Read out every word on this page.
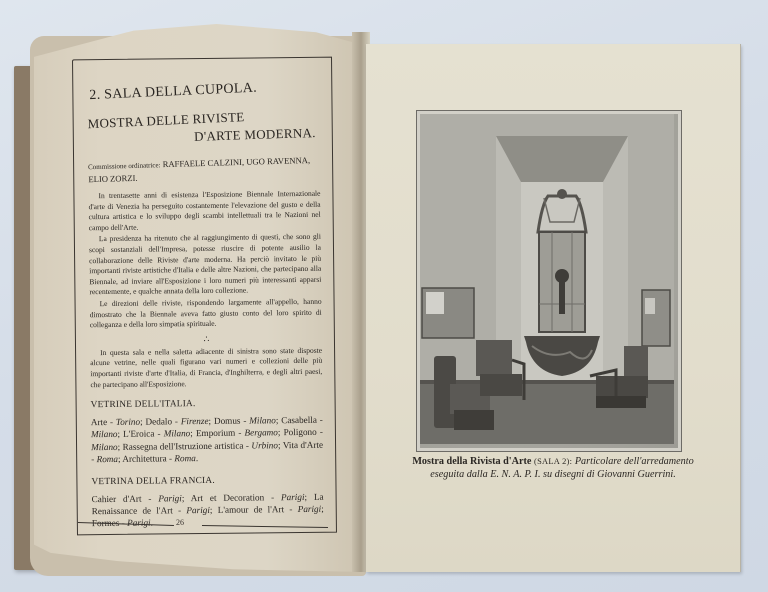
2. SALA DELLA CUPOLA.
MOSTRA DELLE RIVISTE
D'ARTE MODERNA.
Commissione ordinatrice: RAFFAELE CALZINI, UGO RAVENNA,
ELIO ZORZI.

In trentasette anni di esistenza l'Esposizione Biennale Internazionale d'arte di Venezia ha perseguito costantemente l'elevazione del gusto e della cultura artistica e lo sviluppo degli scambi intellettuali tra le Nazioni nel campo dell'Arte.

La presidenza ha ritenuto che al raggiungimento di questi, che sono gli scopi sostanziali dell'Impresa, potesse riuscire di potente ausilio la collaborazione delle Riviste d'arte moderna. Ha perciò invitato le più importanti riviste artistiche d'Italia e delle altre Nazioni, che partecipano alla Biennale, ad inviare all'Esposizione i loro numeri più interessanti apparsi recentemente, e qualche annata della loro collezione.

Le direzioni delle riviste, rispondendo largamente all'appello, hanno dimostrato che la Biennale aveva fatto giusto conto del loro spirito di colleganza e della loro simpatia spirituale.

∴

In questa sala e nella saletta adiacente di sinistra sono state disposte alcune vetrine, nelle quali figurano vari numeri e collezioni delle più importanti riviste d'arte d'Italia, di Francia, d'Inghilterra, e degli altri paesi, che partecipano all'Esposizione.

VETRINE DELL'ITALIA.

Arte - Torino; Dedalo - Firenze; Domus - Milano; Casabella - Milano; L'Eroica - Milano; Emporium - Bergamo; Poligono - Milano; Rassegna dell'Istruzione artistica - Urbino; Vita d'Arte - Roma; Architettura - Roma.

VETRINA DELLA FRANCIA.

Cahier d'Art - Parigi; Art et Decoration - Parigi; La Renaissance de l'Art - Parigi; L'amour de l'Art - Parigi; Formes - Parigi.	26
Mostra della Rivista d'Arte (SALA 2): Particolare dell'arredamento
eseguita dalla E. N. A. P. I. su disegni di Giovanni Guerrini.
